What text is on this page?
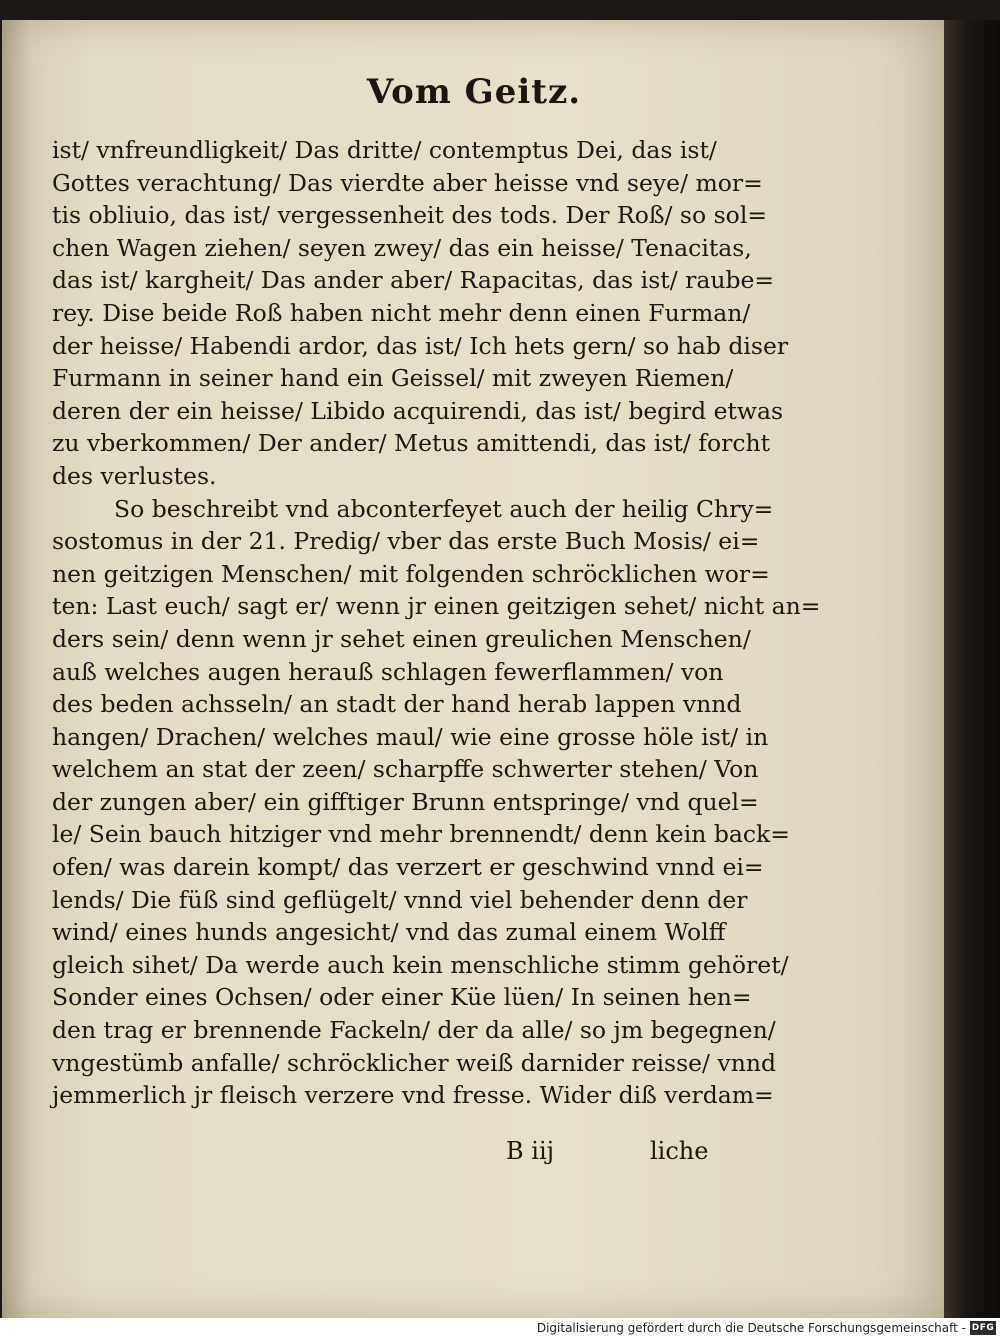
Vom Geitz.
ist/ vnfreundligkeit/ Das dritte/ contemptus Dei, das ist/
Gottes verachtung/ Das vierdte aber heisse vnd seye/ mor=
tis obliuio, das ist/ vergessenheit des tods. Der Roß/ so sol=
chen Wagen ziehen/ seyen zwey/ das ein heisse/ Tenacitas,
das ist/ kargheit/ Das ander aber/ Rapacitas, das ist/ raube=
rey. Dise beide Roß haben nicht mehr denn einen Furman/
der heisse/ Habendi ardor, das ist/ Ich hets gern/ so hab diser
Furmann in seiner hand ein Geissel/ mit zweyen Riemen/
deren der ein heisse/ Libido acquirendi, das ist/ begird etwas
zu vberkommen/ Der ander/ Metus amittendi, das ist/ forcht
des verlustes.
So beschreibt vnd abconterfeyet auch der heilig Chry=
sostomus in der 21. Predig/ vber das erste Buch Mosis/ ei=
nen geitzigen Menschen/ mit folgenden schröcklichen wor=
ten: Last euch/ sagt er/ wenn jr einen geitzigen sehet/ nicht an=
ders sein/ denn wenn jr sehet einen greulichen Menschen/
auß welches augen herauß schlagen fewerflammen/ von
des beden achsseln/ an stadt der hand herab lappen vnnd
hangen/ Drachen/ welches maul/ wie eine grosse höle ist/ in
welchem an stat der zeen/ scharpffe schwerter stehen/ Von
der zungen aber/ ein gifftiger Brunn entspringe/ vnd quel=
le/ Sein bauch hitziger vnd mehr brennendt/ denn kein back=
ofen/ was darein kompt/ das verzert er geschwind vnnd ei=
lends/ Die füß sind geflügelt/ vnnd viel behender denn der
wind/ eines hunds angesicht/ vnd das zumal einem Wolff
gleich sihet/ Da werde auch kein menschliche stimm gehöret/
Sonder eines Ochsen/ oder einer Küe lüen/ In seinen hen=
den trag er brennende Fackeln/ der da alle/ so jm begegnen/
vngestümb anfalle/ schröcklicher weiß darnider reisse/ vnnd
jemmerlich jr fleisch verzere vnd fresse. Wider diß verdam=
B iij	liche
Digitalisierung gefördert durch die Deutsche Forschungsgemeinschaft - DFG
